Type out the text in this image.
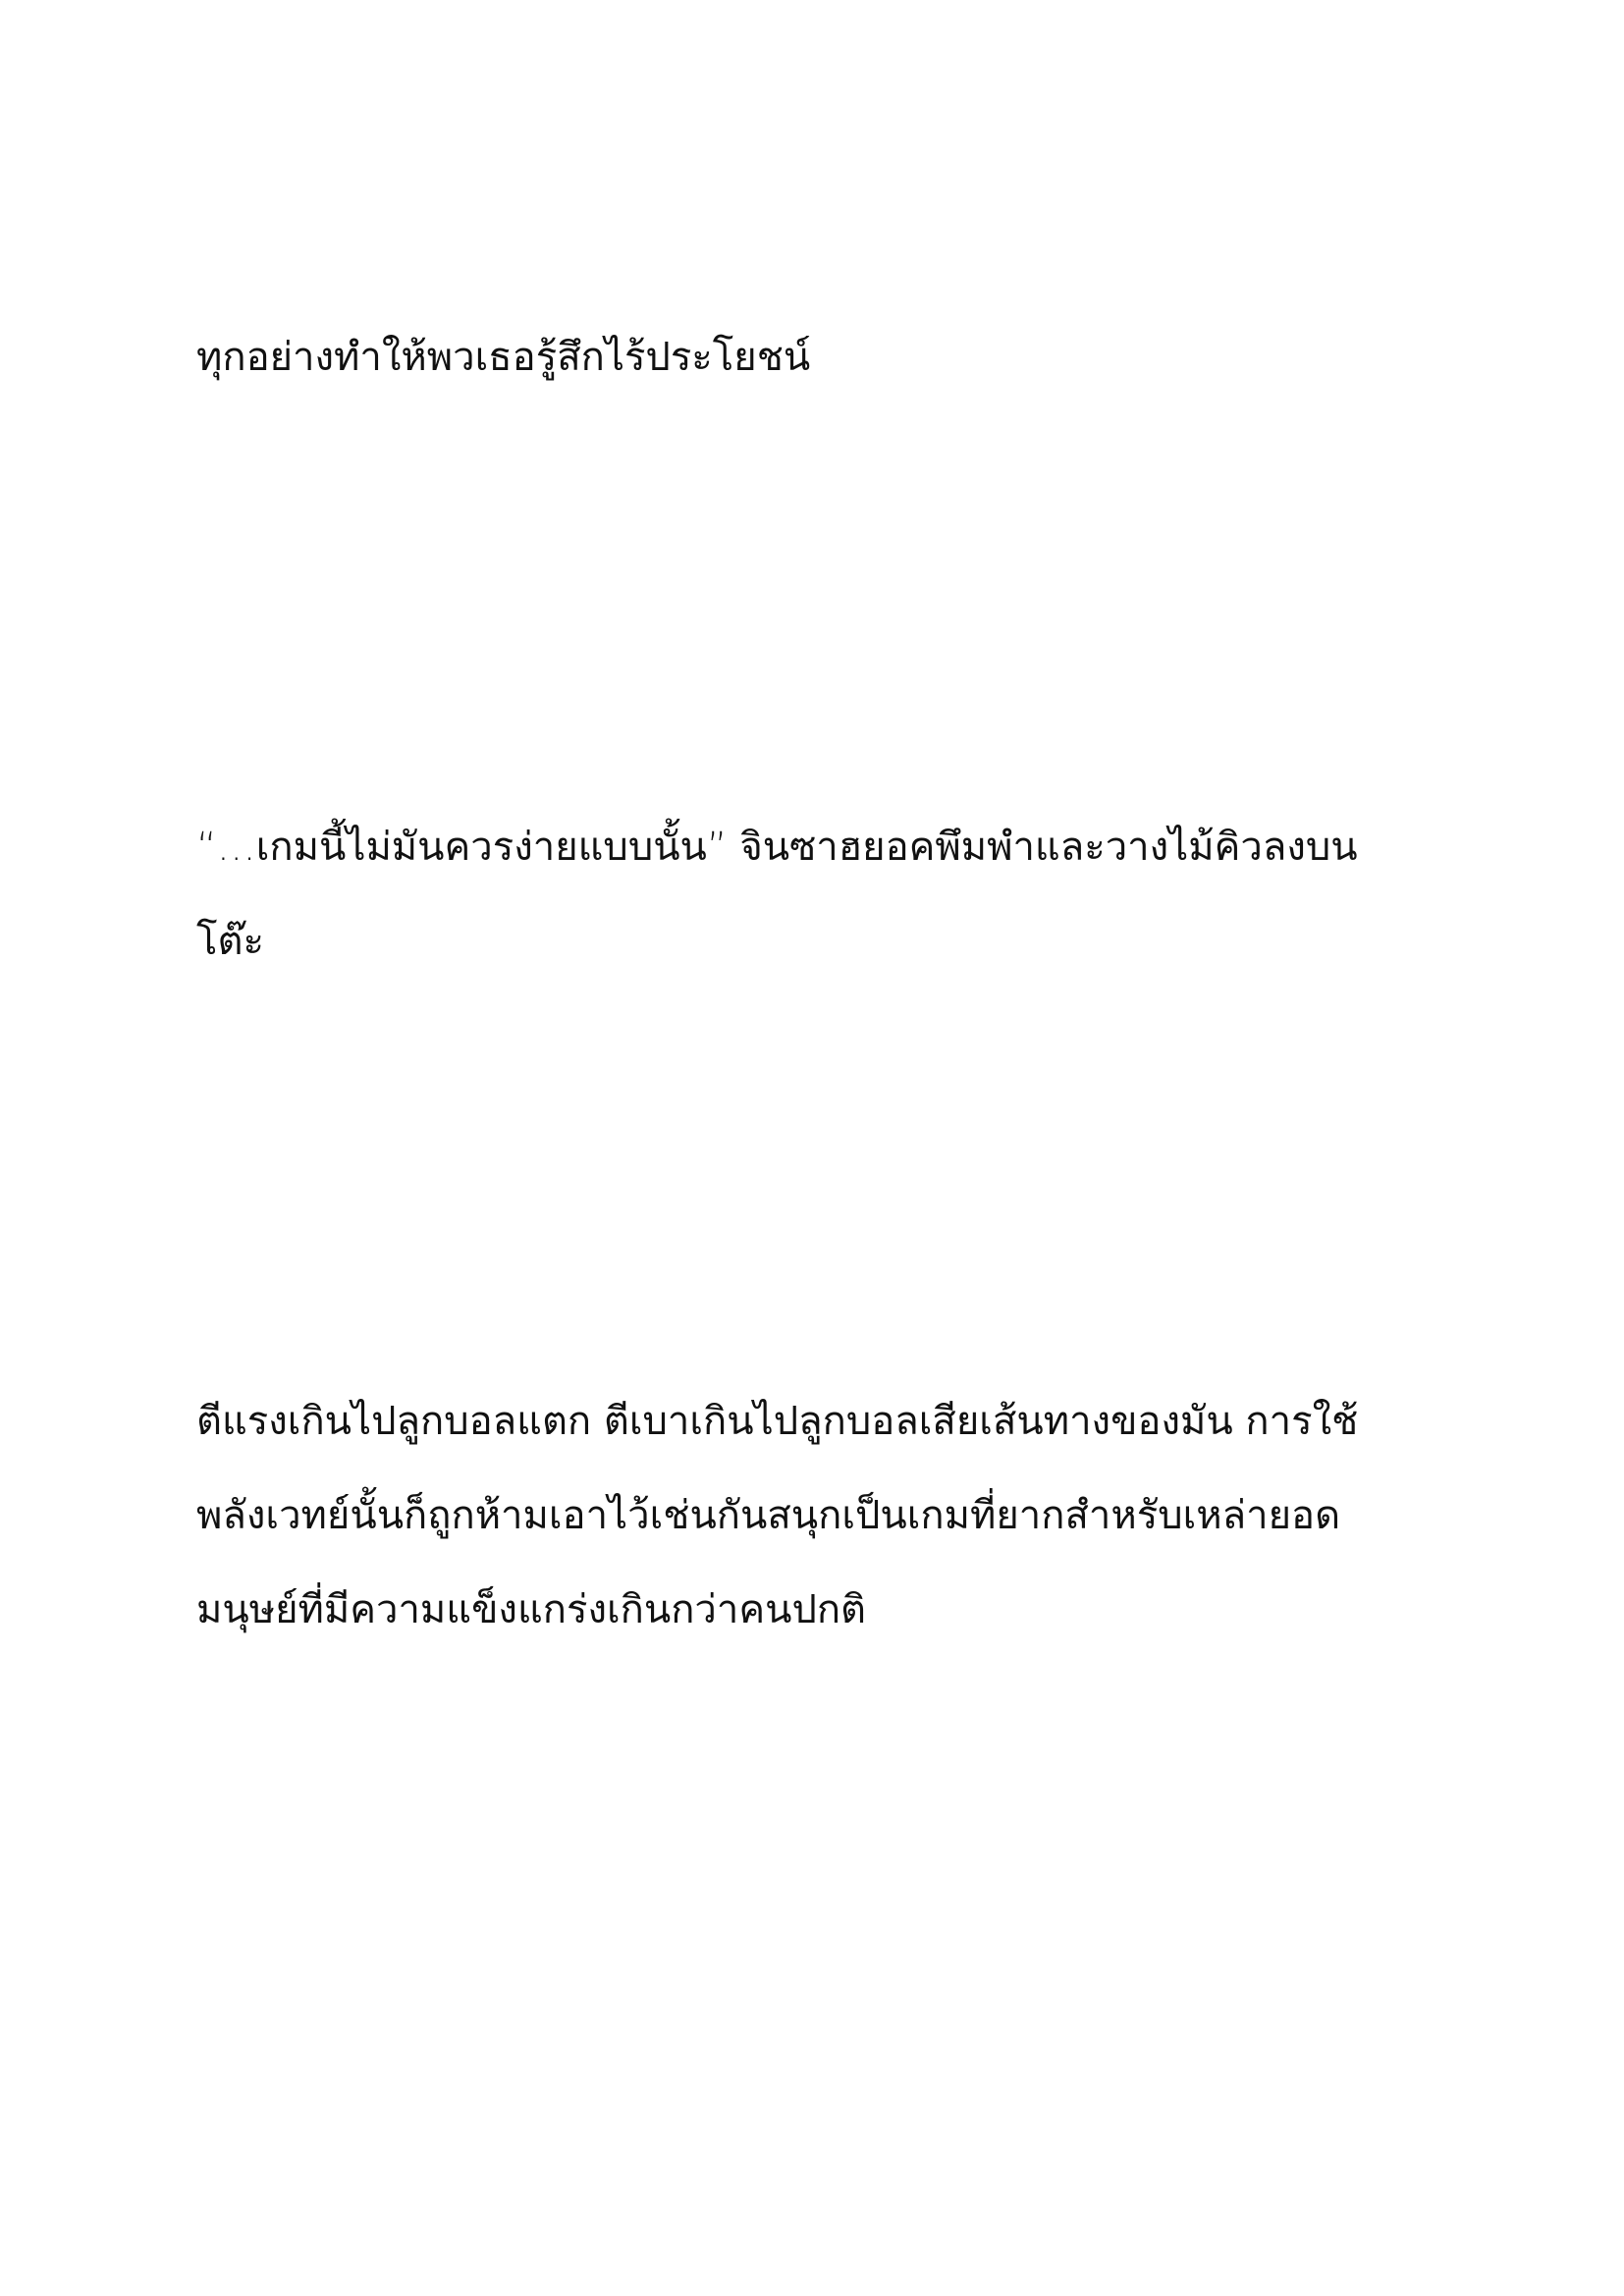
ทุกอย่างทำให้พวเธอรู้สึกไร้ประโยชน์

“…เกมนี้ไม่มันควรง่ายแบบนั้น” จินซาฮยอคพึมพำและวางไม้คิวลงบน
โต๊ะ

ตีแรงเกินไปลูกบอลแตก ตีเบาเกินไปลูกบอลเสียเส้นทางของมัน การใช้
พลังเวทย์นั้นก็ถูกห้ามเอาไว้เช่นกันสนุกเป็นเกมที่ยากสำหรับเหล่ายอด
มนุษย์ที่มีความแข็งแกร่งเกินกว่าคนปกติ
